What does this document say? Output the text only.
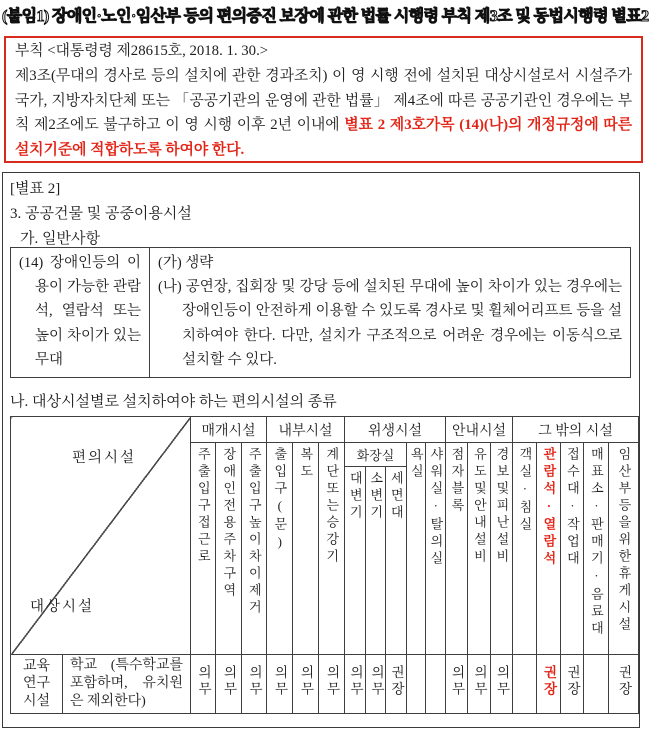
(붙임1) 장애인·노인·임산부 등의 편의증진 보장에 관한 법률 시행령 부칙 제3조 및 동법시행령 별표2
부칙 <대통령령 제28615호, 2018. 1. 30.>
제3조(무대의 경사로 등의 설치에 관한 경과조치) 이 영 시행 전에 설치된 대상시설로서 시설주가 국가, 지방자치단체 또는 「공공기관의 운영에 관한 법률」 제4조에 따른 공공기관인 경우에는 부칙 제2조에도 불구하고 이 영 시행 이후 2년 이내에 별표 2 제3호가목 (14)(나)의 개정규정에 따른 설치기준에 적합하도록 하여야 한다.
[별표 2]
3. 공공건물 및 공중이용시설
가. 일반사항
(14) 장애인등의 이용이 가능한 관람석, 열람석 또는 높이 차이가 있는 무대

(가) 생략
(나) 공연장, 집회장 및 강당 등에 설치된 무대에 높이 차이가 있는 경우에는 장애인등이 안전하게 이용할 수 있도록 경사로 및 휠체어리프트 등을 설치하여야 한다. 다만, 설치가 구조적으로 어려운 경우에는 이동식으로 설치할 수 있다.
나. 대상시설별로 설치하여야 하는 편의시설의 종류
편의시설
대상시설		매개시설			내부시설			위생시설					안내시설			그 밖의 시설				
		주출입구접근로	장애인전용주차구역	주출입구높이차이제거	출입구(문)	복도	계단또는승강기	화장실			욕실	샤워실·탈의실	점자블록	유도및안내설비	경보및피난설비	객실·침실	관람석·열람석	접수대·작업대	매표소·판매기·음료대	임산부등을위한휴게시설
								대변기	소변기	세면대										
교육연구시설	학교 (특수학교를 포함하며, 유치원은 제외한다)	의무	의무	의무	의무	의무	의무	의무	의무	권장			의무	의무	의무		권장	권장		권장
